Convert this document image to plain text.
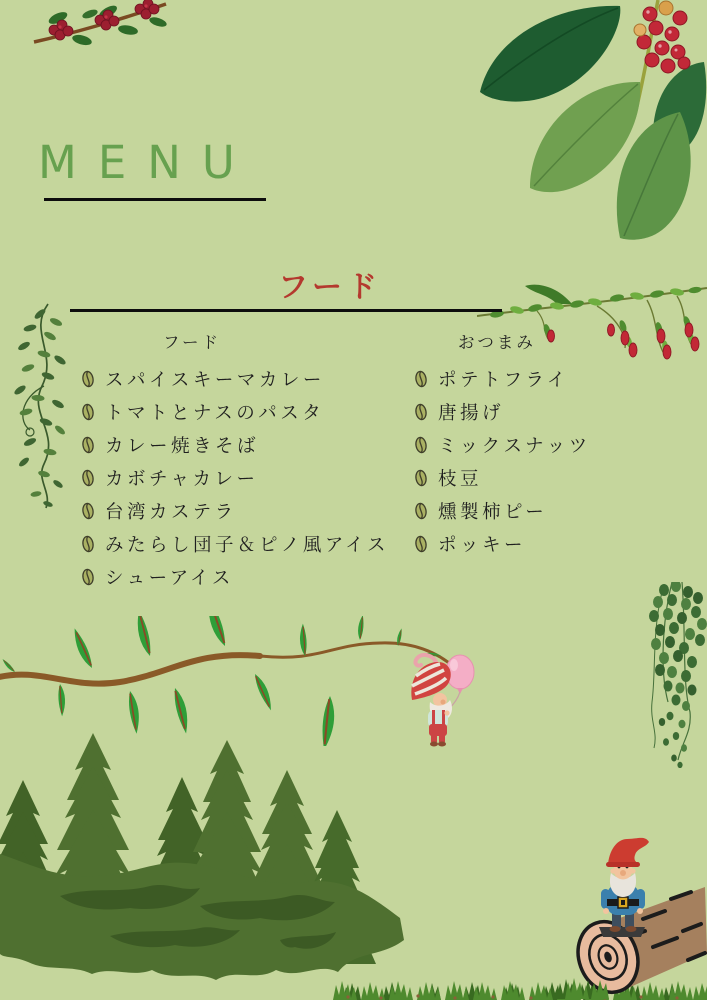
MENU
フード
フード	おつまみ
スパイスキーマカレー
トマトとナスのパスタ
カレー焼きそば
カボチャカレー
台湾カステラ
みたらし団子＆ピノ風アイス
シューアイス
ポテトフライ
唐揚げ
ミックスナッツ
枝豆
燻製柿ピー
ポッキー
